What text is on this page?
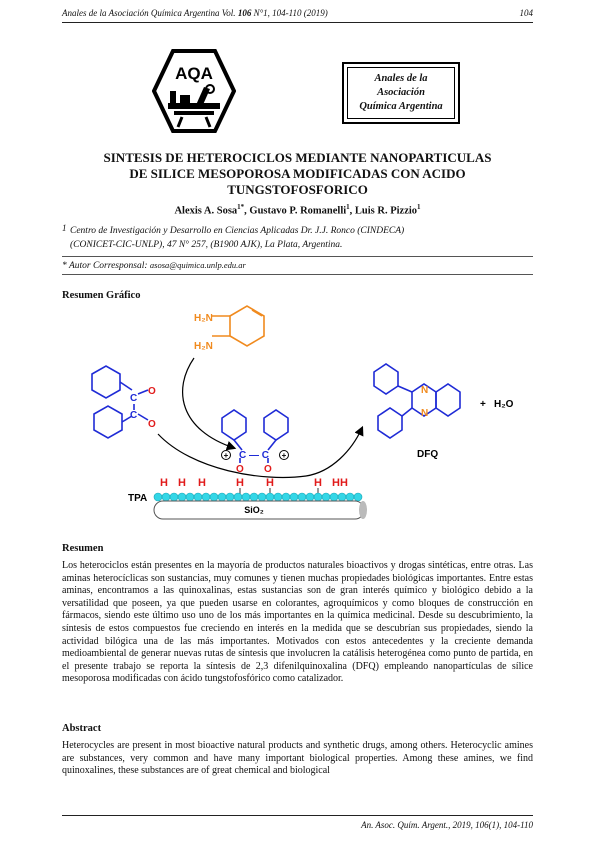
Anales de la Asociación Química Argentina Vol. 106 N°1, 104-110 (2019)	104
AQA	Anales de la
Asociación
Química Argentina
SINTESIS DE HETEROCICLOS MEDIANTE NANOPARTICULAS
DE SILICE MESOPOROSA MODIFICADAS CON ACIDO
TUNGSTOFOSFORICO
Alexis A. Sosa$^{1*}$, Gustavo P. Romanelli$^1$, Luis R. Pizzio$^1$
1 Centro de Investigación y Desarrollo en Ciencias Aplicadas Dr. J.J. Ronco (CINDECA)
(CONICET-CIC-UNLP), 47 N° 257, (B1900 AJK), La Plata, Argentina.
* Autor Corresponsal: asosa@quimica.unlp.edu.ar
Resumen Gráfico
H₂N
H₂N
C
C
O
O
+	+
C — C
O O
N
N
+ H₂O
DFQ
H H H	H H	H HH
TPA
SiO₂
Resumen

Los heterociclos están presentes en la mayoría de productos naturales bioactivos y drogas sintéticas, entre otras. Las aminas heterocíclicas son sustancias, muy comunes y tienen muchas propiedades biológicas importantes. Entre estas aminas, encontramos a las quinoxalinas, estas sustancias son de gran interés químico y biológico debido a la versatilidad que poseen, ya que pueden usarse en colorantes, agroquímicos y como bloques de construcción en fármacos, siendo este último uso uno de los más importantes en la química medicinal. Desde su descubrimiento, la síntesis de estos compuestos fue creciendo en interés en la medida que se descubrían sus propiedades, siendo la actividad bilógica una de las más importantes. Motivados con estos antecedentes y la creciente demanda medioambiental de generar nuevas rutas de síntesis que involucren la catálisis heterogénea como punto de partida, en el presente trabajo se reporta la síntesis de 2,3 difenilquinoxalina (DFQ) empleando nanopartículas de sílice mesoporosa modificadas con ácido tungstofosfórico como catalizador.

Abstract

Heterocycles are present in most bioactive natural products and synthetic drugs, among others. Heterocyclic amines are substances, very common and have many important biological properties. Among these amines, we find quinoxalines, these substances are of great chemical and biological

An. Asoc. Quím. Argent., 2019, 106(1), 104-110
